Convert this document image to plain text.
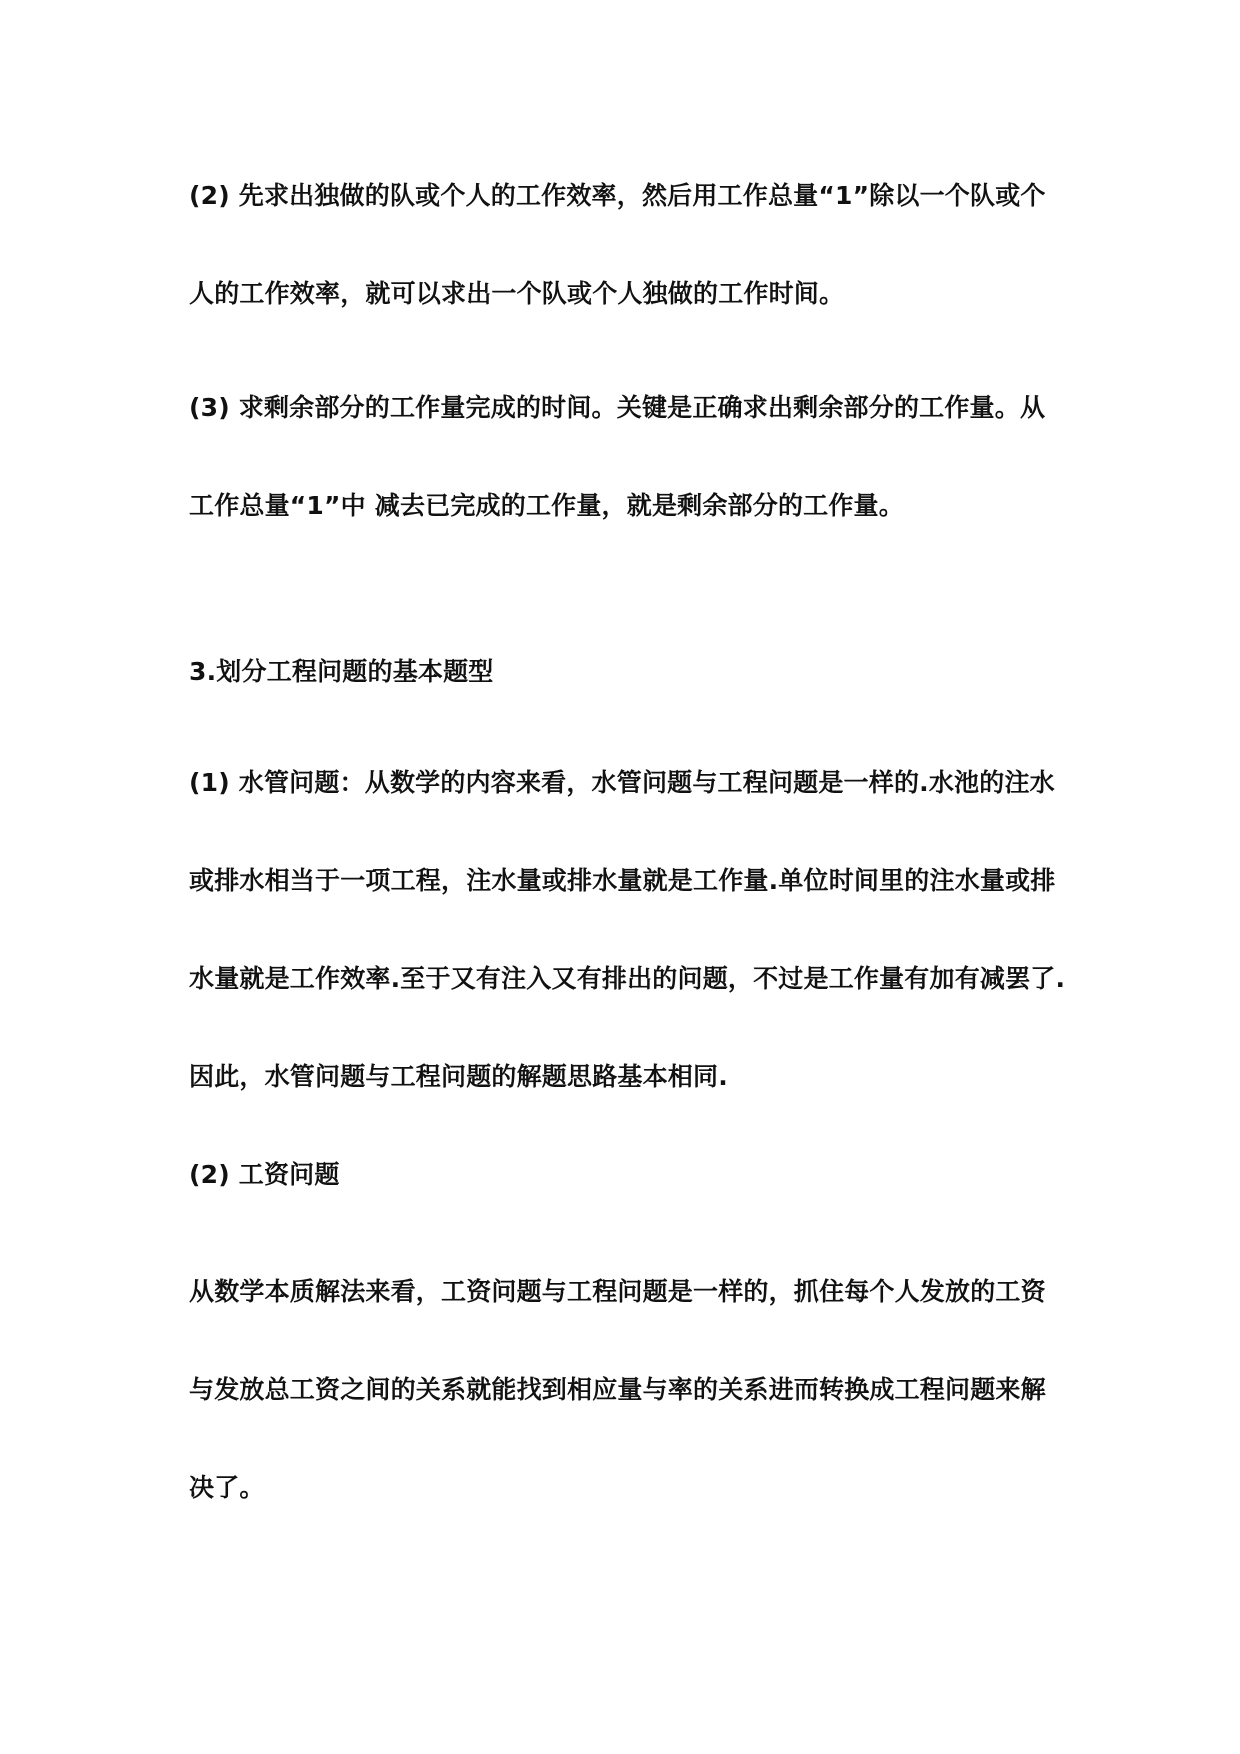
(2) 先求出独做的队或个人的工作效率，然后用工作总量“1”除以一个队或个

人的工作效率，就可以求出一个队或个人独做的工作时间。

(3) 求剩余部分的工作量完成的时间。关键是正确求出剩余部分的工作量。从

工作总量“1”中 减去已完成的工作量，就是剩余部分的工作量。

3.划分工程问题的基本题型

(1) 水管问题：从数学的内容来看，水管问题与工程问题是一样的.水池的注水

或排水相当于一项工程，注水量或排水量就是工作量.单位时间里的注水量或排

水量就是工作效率.至于又有注入又有排出的问题，不过是工作量有加有减罢了.

因此，水管问题与工程问题的解题思路基本相同.

(2) 工资问题

从数学本质解法来看，工资问题与工程问题是一样的，抓住每个人发放的工资

与发放总工资之间的关系就能找到相应量与率的关系进而转换成工程问题来解

决了。
